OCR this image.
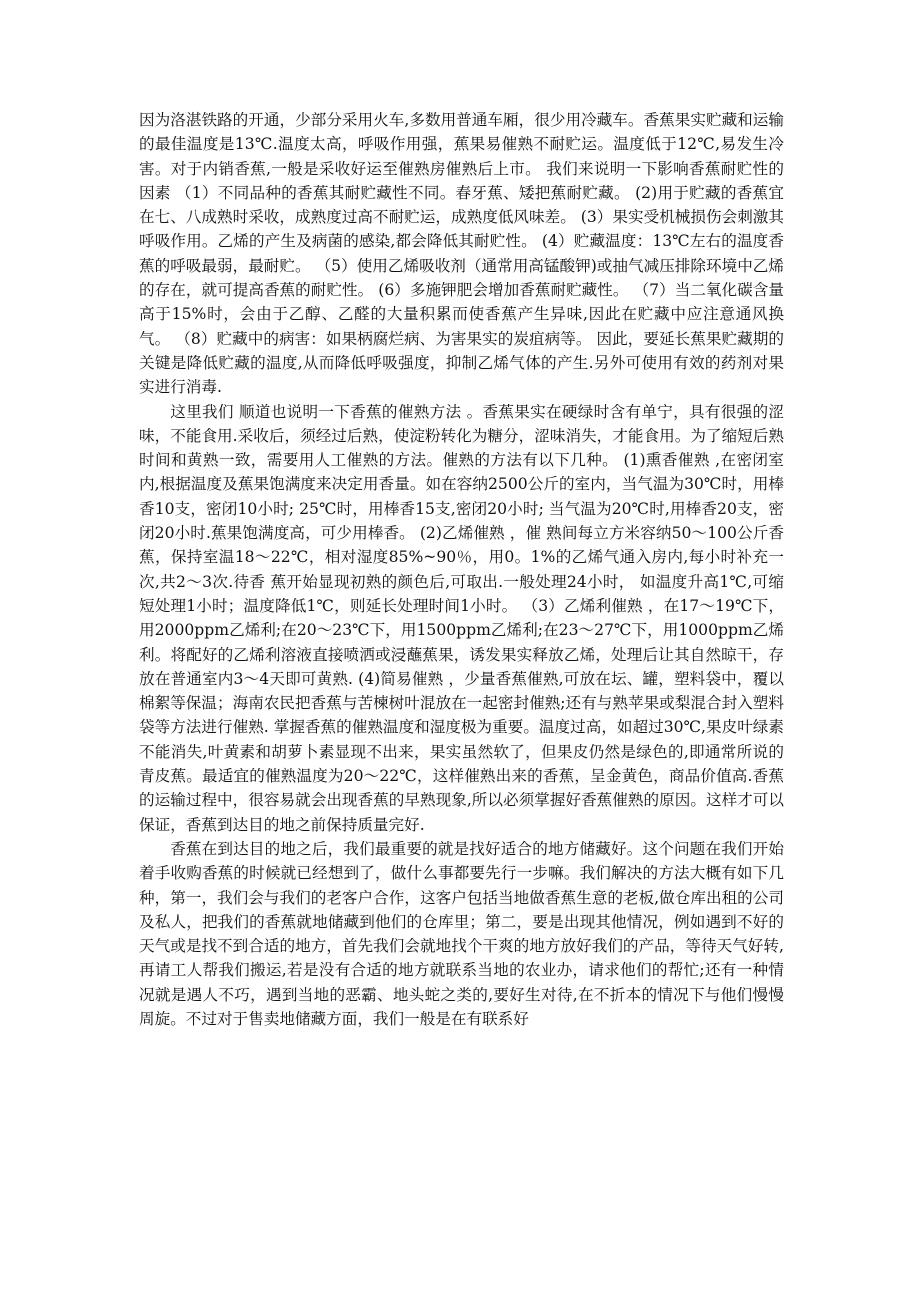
因为洛湛铁路的开通，少部分采用火车,多数用普通车厢，很少用冷藏车。香蕉果实贮藏和运输的最佳温度是13℃.温度太高，呼吸作用强，蕉果易催熟不耐贮运。温度低于12℃,易发生冷害。对于内销香蕉,一般是采收好运至催熟房催熟后上市。 我们来说明一下影响香蕉耐贮性的因素 （1）不同品种的香蕉其耐贮藏性不同。春牙蕉、矮把蕉耐贮藏。 (2)用于贮藏的香蕉宜在七、八成熟时采收，成熟度过高不耐贮运，成熟度低风味差。 (3）果实受机械损伤会刺激其呼吸作用。乙烯的产生及病菌的感染,都会降低其耐贮性。 (4）贮藏温度：13℃左右的温度香蕉的呼吸最弱，最耐贮。 （5）使用乙烯吸收剂（通常用高锰酸钾)或抽气减压排除环境中乙烯的存在，就可提高香蕉的耐贮性。 (6）多施钾肥会增加香蕉耐贮藏性。 （7）当二氧化碳含量高于15%时，会由于乙醇、乙醛的大量积累而使香蕉产生异味,因此在贮藏中应注意通风换气。 （8）贮藏中的病害：如果柄腐烂病、为害果实的炭疽病等。 因此，要延长蕉果贮藏期的关键是降低贮藏的温度,从而降低呼吸强度，抑制乙烯气体的产生.另外可使用有效的药剂对果实进行消毒.

这里我们 顺道也说明一下香蕉的催熟方法 。香蕉果实在硬绿时含有单宁，具有很强的涩味，不能食用.采收后，须经过后熟，使淀粉转化为糖分，涩味消失，才能食用。为了缩短后熟时间和黄熟一致，需要用人工催熟的方法。催熟的方法有以下几种。 (1)熏香催熟 ,在密闭室内,根据温度及蕉果饱满度来决定用香量。如在容纳2500公斤的室内，当气温为30℃时，用棒香10支，密闭10小时; 25℃时，用棒香15支,密闭20小时; 当气温为20℃时,用棒香20支，密闭20小时.蕉果饱满度高，可少用棒香。 (2)乙烯催熟 ，催 熟间每立方米容纳50～100公斤香蕉，保持室温18～22℃，相对湿度85%~90％，用0。1%的乙烯气通入房内,每小时补充一次,共2～3次.待香 蕉开始显现初熟的颜色后,可取出.一般处理24小时， 如温度升高1℃,可缩短处理1小时；温度降低1℃，则延长处理时间1小时。 （3）乙烯利催熟 ，在17～19℃下，用2000ppm乙烯利;在20～23℃下，用1500ppm乙烯利;在23～27℃下，用1000ppm乙烯利。将配好的乙烯利溶液直接喷洒或浸蘸蕉果，诱发果实释放乙烯，处理后让其自然晾干，存放在普通室内3～4天即可黄熟. (4)简易催熟 ，少量香蕉催熟,可放在坛、罐，塑料袋中，覆以棉絮等保温；海南农民把香蕉与苦楝树叶混放在一起密封催熟;还有与熟苹果或梨混合封入塑料袋等方法进行催熟. 掌握香蕉的催熟温度和湿度极为重要。温度过高，如超过30℃,果皮叶绿素不能消失,叶黄素和胡萝卜素显现不出来，果实虽然软了，但果皮仍然是绿色的,即通常所说的青皮蕉。最适宜的催熟温度为20～22℃，这样催熟出来的香蕉，呈金黄色，商品价值高.香蕉的运输过程中，很容易就会出现香蕉的早熟现象,所以必须掌握好香蕉催熟的原因。这样才可以保证，香蕉到达目的地之前保持质量完好.

香蕉在到达目的地之后，我们最重要的就是找好适合的地方储藏好。这个问题在我们开始着手收购香蕉的时候就已经想到了，做什么事都要先行一步嘛。我们解决的方法大概有如下几种，第一，我们会与我们的老客户合作，这客户包括当地做香蕉生意的老板,做仓库出租的公司及私人，把我们的香蕉就地储藏到他们的仓库里；第二，要是出现其他情况，例如遇到不好的天气或是找不到合适的地方，首先我们会就地找个干爽的地方放好我们的产品，等待天气好转,再请工人帮我们搬运,若是没有合适的地方就联系当地的农业办，请求他们的帮忙;还有一种情况就是遇人不巧，遇到当地的恶霸、地头蛇之类的,要好生对待,在不折本的情况下与他们慢慢周旋。不过对于售卖地储藏方面，我们一般是在有联系好
